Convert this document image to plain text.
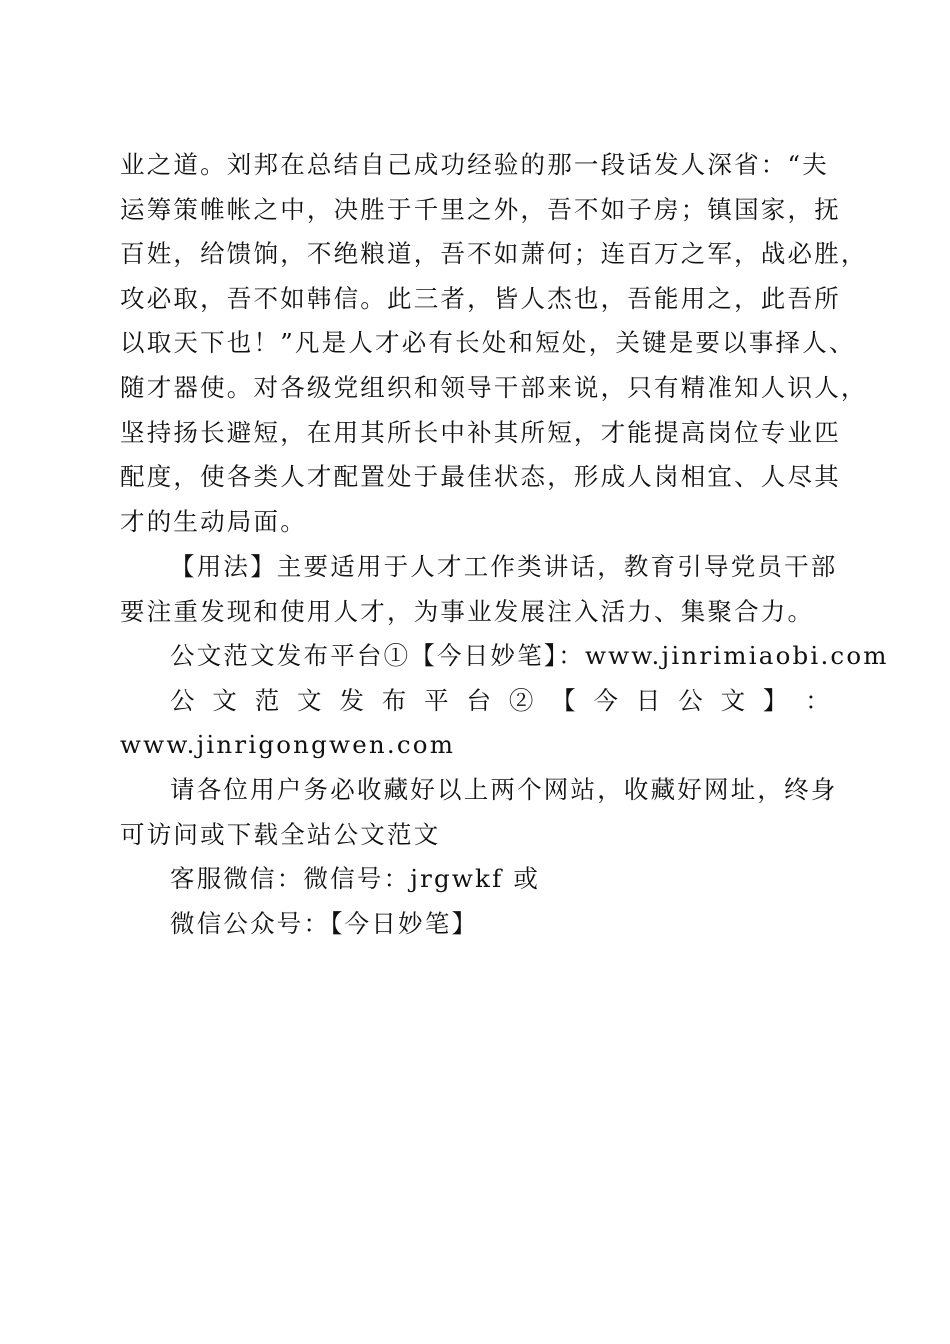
业之道。刘邦在总结自己成功经验的那一段话发人深省：“夫
运筹策帷帐之中，决胜于千里之外，吾不如子房；镇国家，抚
百姓，给馈饷，不绝粮道，吾不如萧何；连百万之军，战必胜，
攻必取，吾不如韩信。此三者，皆人杰也，吾能用之，此吾所
以取天下也！”凡是人才必有长处和短处，关键是要以事择人、
随才器使。对各级党组织和领导干部来说，只有精准知人识人，
坚持扬长避短，在用其所长中补其所短，才能提高岗位专业匹
配度，使各类人才配置处于最佳状态，形成人岗相宜、人尽其
才的生动局面。
【用法】主要适用于人才工作类讲话，教育引导党员干部
要注重发现和使用人才，为事业发展注入活力、集聚合力。
公文范文发布平台①【今日妙笔】：www.jinrimiaobi.com
公 文 范 文 发 布 平 台 ② 【 今 日 公 文 】 ：
www.jinrigongwen.com
请各位用户务必收藏好以上两个网站，收藏好网址，终身
可访问或下载全站公文范文
客服微信：微信号：jrgwkf 或
微信公众号：【今日妙笔】
